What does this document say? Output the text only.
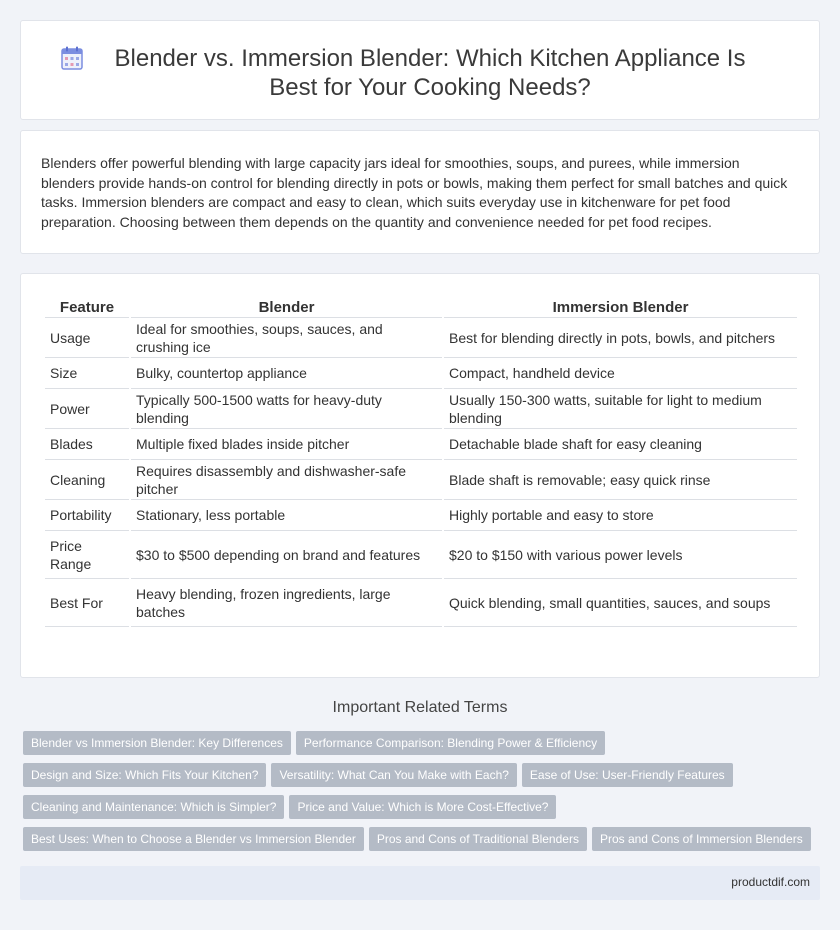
Blender vs. Immersion Blender: Which Kitchen Appliance Is Best for Your Cooking Needs?

Blenders offer powerful blending with large capacity jars ideal for smoothies, soups, and purees, while immersion blenders provide hands-on control for blending directly in pots or bowls, making them perfect for small batches and quick tasks. Immersion blenders are compact and easy to clean, which suits everyday use in kitchenware for pet food preparation. Choosing between them depends on the quantity and convenience needed for pet food recipes.

Feature	Blender	Immersion Blender
Usage	Ideal for smoothies, soups, sauces, and crushing ice	Best for blending directly in pots, bowls, and pitchers
Size	Bulky, countertop appliance	Compact, handheld device
Power	Typically 500-1500 watts for heavy-duty blending	Usually 150-300 watts, suitable for light to medium blending
Blades	Multiple fixed blades inside pitcher	Detachable blade shaft for easy cleaning
Cleaning	Requires disassembly and dishwasher-safe pitcher	Blade shaft is removable; easy quick rinse
Portability	Stationary, less portable	Highly portable and easy to store
Price Range	$30 to $500 depending on brand and features	$20 to $150 with various power levels
Best For	Heavy blending, frozen ingredients, large batches	Quick blending, small quantities, sauces, and soups
Important Related Terms
Blender vs Immersion Blender: Key Differences Performance Comparison: Blending Power & Efficiency
Design and Size: Which Fits Your Kitchen? Versatility: What Can You Make with Each? Ease of Use: User-Friendly Features
Cleaning and Maintenance: Which is Simpler? Price and Value: Which is More Cost-Effective?
Best Uses: When to Choose a Blender vs Immersion Blender Pros and Cons of Traditional Blenders Pros and Cons of Immersion Blenders
productdif.com
